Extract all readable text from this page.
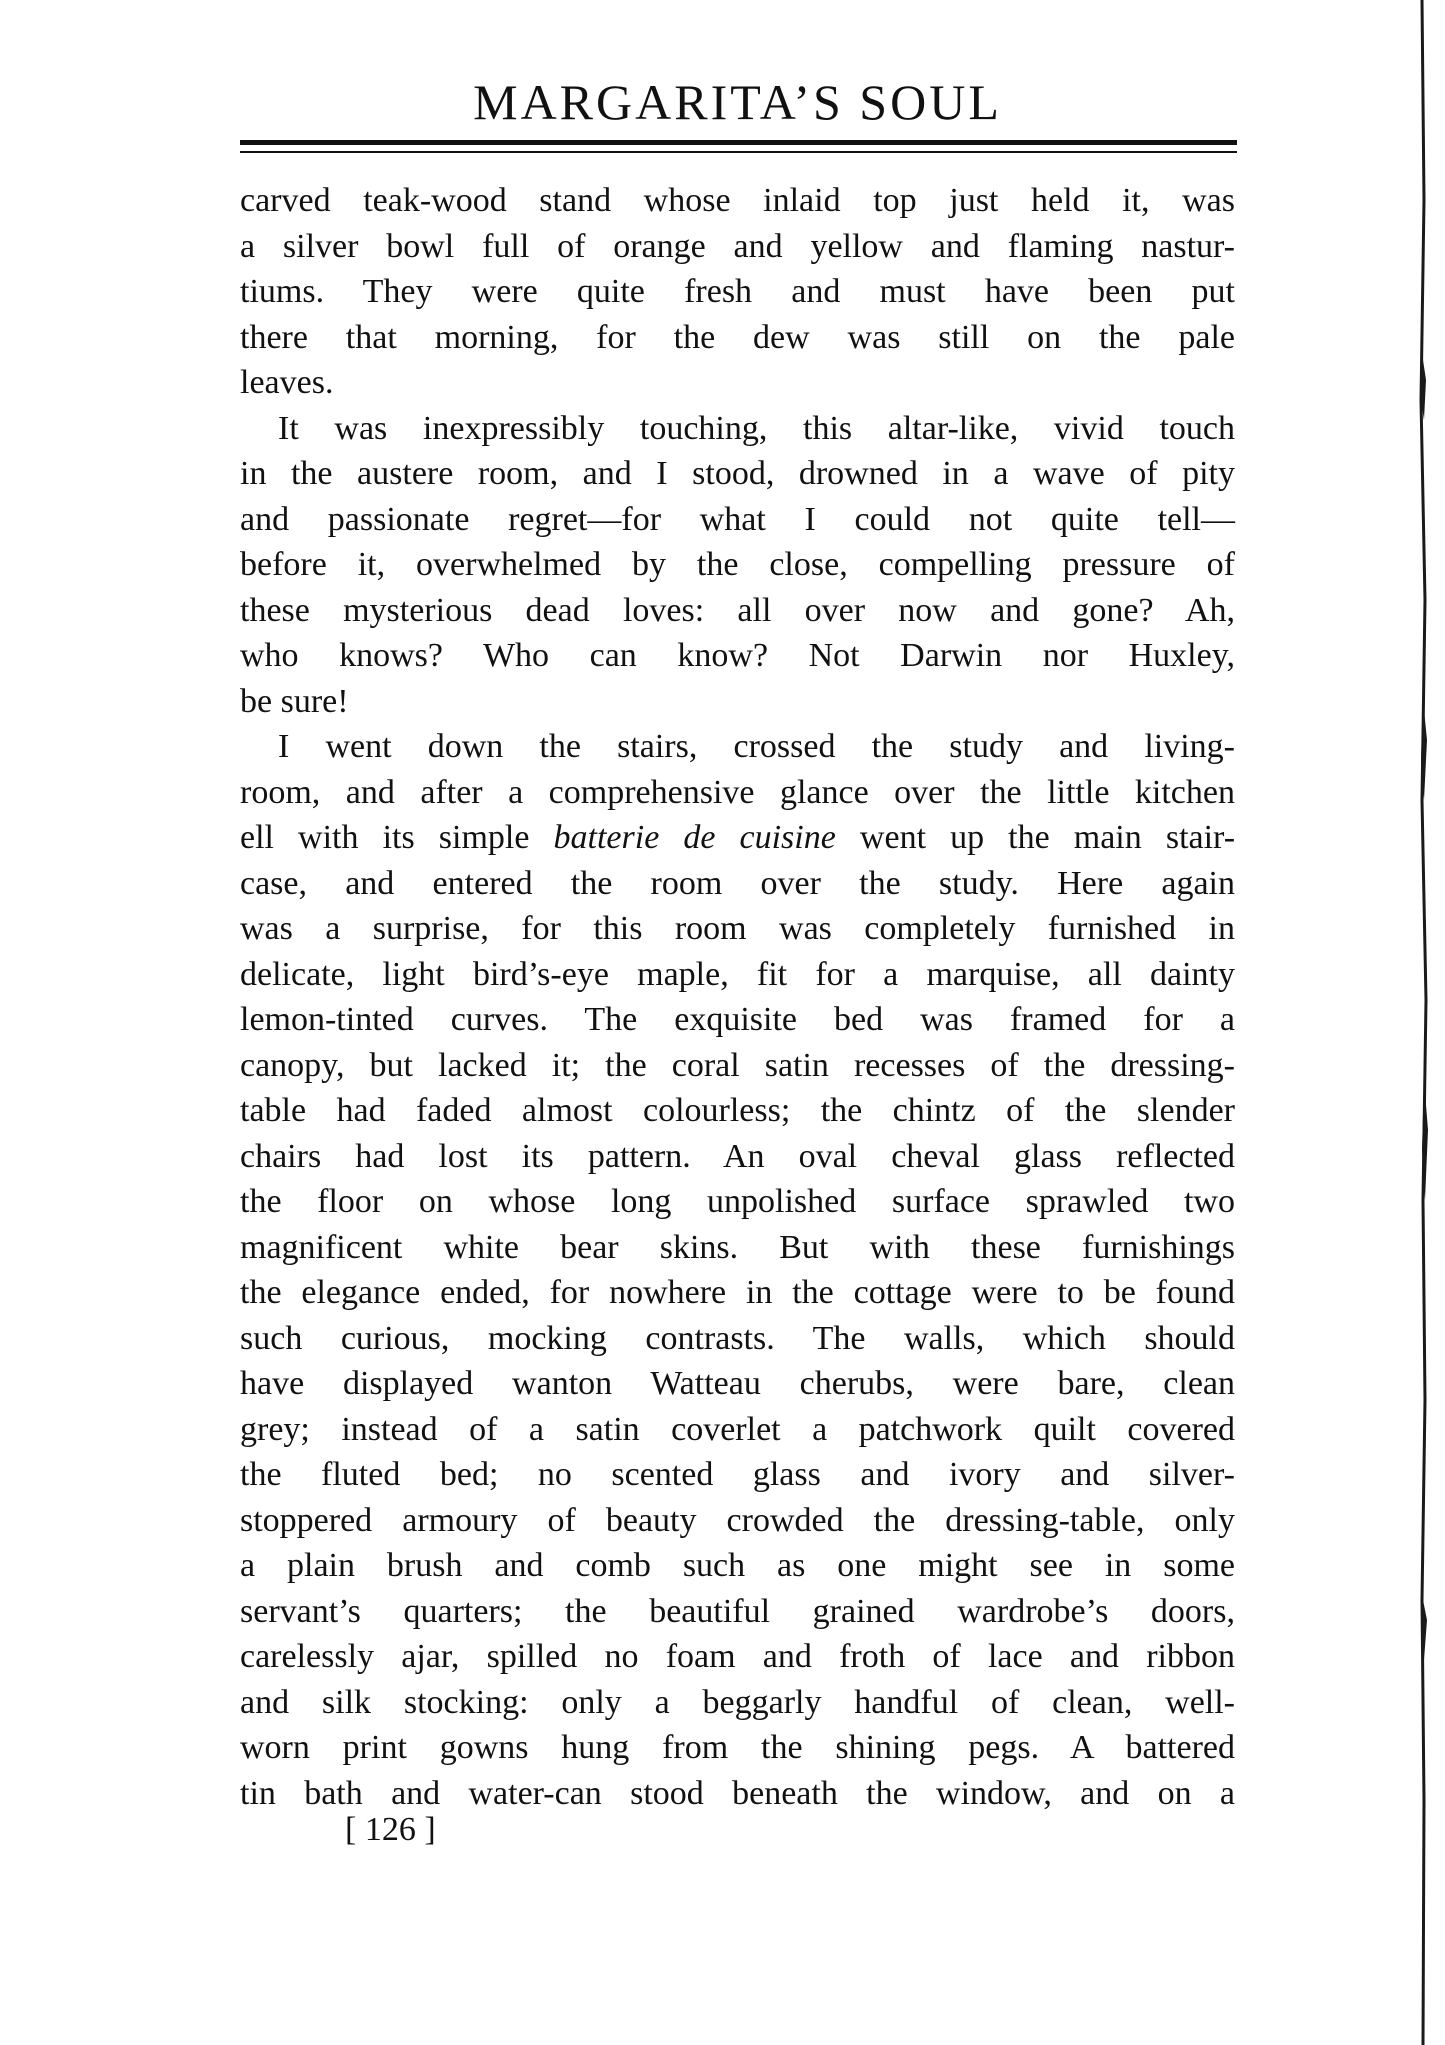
MARGARITA’S SOUL
carved teak-wood stand whose inlaid top just held it, was
a silver bowl full of orange and yellow and flaming nastur-
tiums. They were quite fresh and must have been put
there that morning, for the dew was still on the pale
leaves.
It was inexpressibly touching, this altar-like, vivid touch
in the austere room, and I stood, drowned in a wave of pity
and passionate regret—for what I could not quite tell—
before it, overwhelmed by the close, compelling pressure of
these mysterious dead loves: all over now and gone? Ah,
who knows? Who can know? Not Darwin nor Huxley,
be sure!
I went down the stairs, crossed the study and living-
room, and after a comprehensive glance over the little kitchen
ell with its simple batterie de cuisine went up the main stair-
case, and entered the room over the study. Here again
was a surprise, for this room was completely furnished in
delicate, light bird’s-eye maple, fit for a marquise, all dainty
lemon-tinted curves. The exquisite bed was framed for a
canopy, but lacked it; the coral satin recesses of the dressing-
table had faded almost colourless; the chintz of the slender
chairs had lost its pattern. An oval cheval glass reflected
the floor on whose long unpolished surface sprawled two
magnificent white bear skins. But with these furnishings
the elegance ended, for nowhere in the cottage were to be found
such curious, mocking contrasts. The walls, which should
have displayed wanton Watteau cherubs, were bare, clean
grey; instead of a satin coverlet a patchwork quilt covered
the fluted bed; no scented glass and ivory and silver-
stoppered armoury of beauty crowded the dressing-table, only
a plain brush and comb such as one might see in some
servant’s quarters; the beautiful grained wardrobe’s doors,
carelessly ajar, spilled no foam and froth of lace and ribbon
and silk stocking: only a beggarly handful of clean, well-
worn print gowns hung from the shining pegs. A battered
tin bath and water-can stood beneath the window, and on a
[ 126 ]
